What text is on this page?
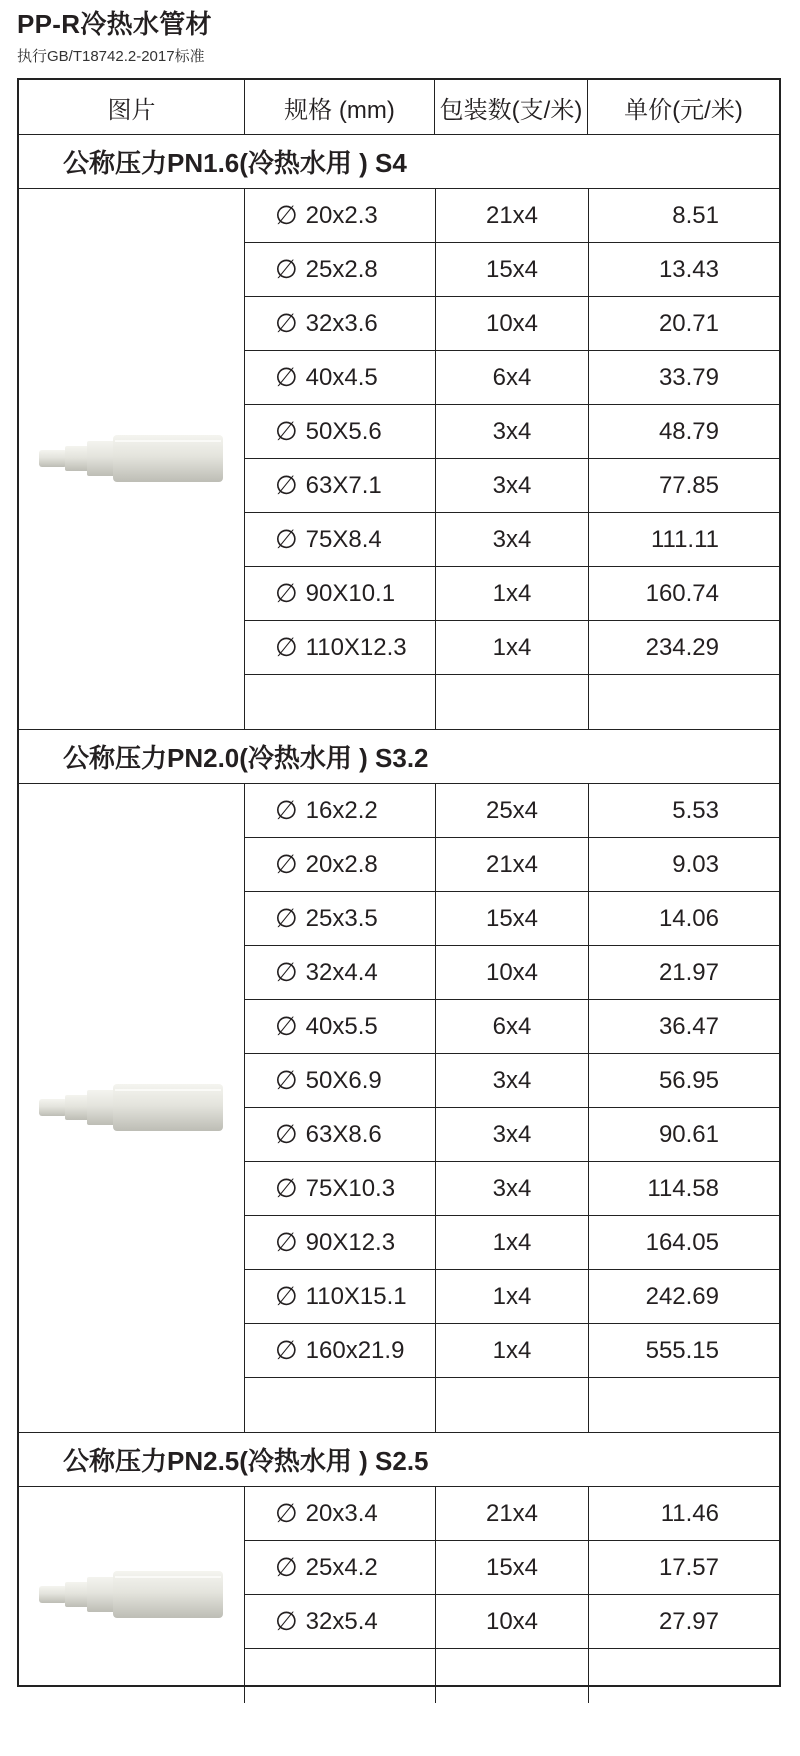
PP-R冷热水管材
执行GB/T18742.2-2017标准
图片	规格 (mm)	包装数(支/米)	单价(元/米)
公称压力PN1.6(冷热水用 ) S4
∅ 20x2.3	21x4	8.51
∅ 25x2.8	15x4	13.43
∅ 32x3.6	10x4	20.71
∅ 40x4.5	6x4	33.79
∅ 50X5.6	3x4	48.79
∅ 63X7.1	3x4	77.85
∅ 75X8.4	3x4	111.11
∅ 90X10.1	1x4	160.74
∅ 110X12.3	1x4	234.29
公称压力PN2.0(冷热水用 ) S3.2
∅ 16x2.2	25x4	5.53
∅ 20x2.8	21x4	9.03
∅ 25x3.5	15x4	14.06
∅ 32x4.4	10x4	21.97
∅ 40x5.5	6x4	36.47
∅ 50X6.9	3x4	56.95
∅ 63X8.6	3x4	90.61
∅ 75X10.3	3x4	114.58
∅ 90X12.3	1x4	164.05
∅ 110X15.1	1x4	242.69
∅ 160x21.9	1x4	555.15
公称压力PN2.5(冷热水用 ) S2.5
∅ 20x3.4	21x4	11.46
∅ 25x4.2	15x4	17.57
∅ 32x5.4	10x4	27.97
